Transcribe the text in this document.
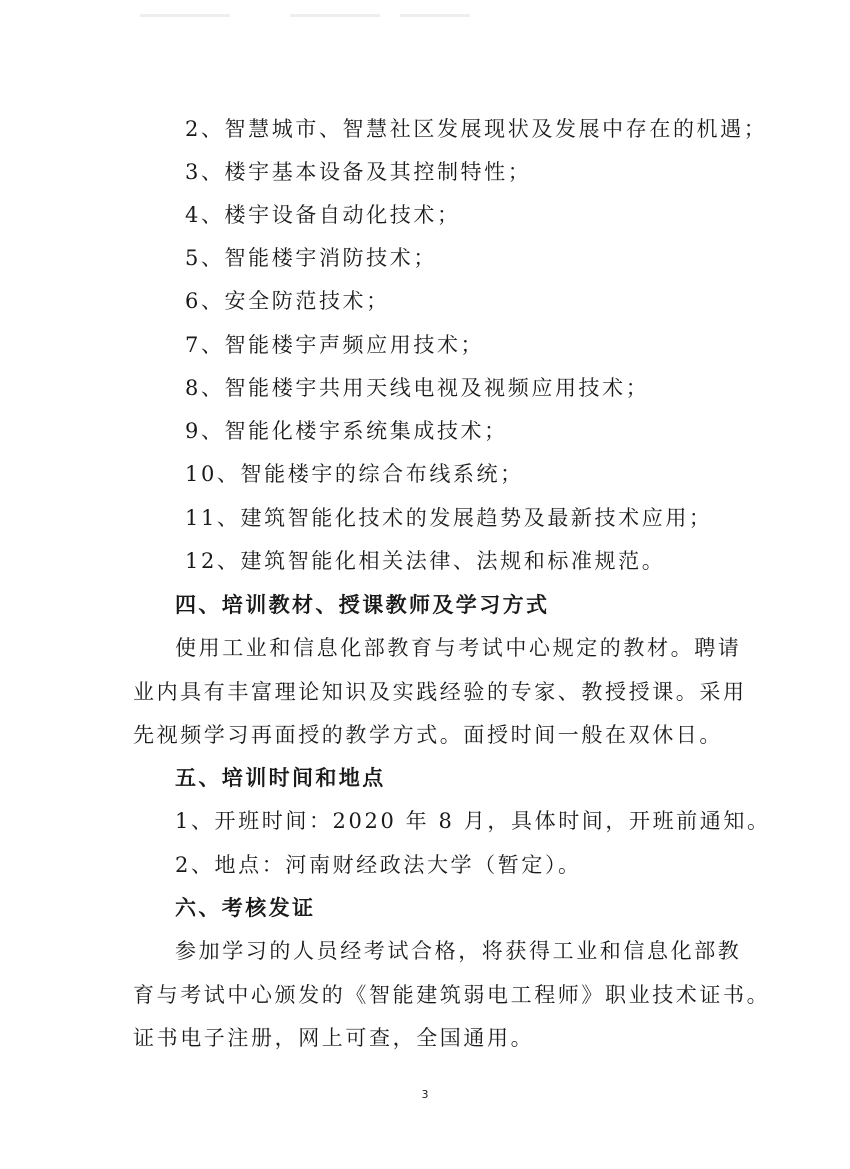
2、智慧城市、智慧社区发展现状及发展中存在的机遇；
3、楼宇基本设备及其控制特性；
4、楼宇设备自动化技术；
5、智能楼宇消防技术；
6、安全防范技术；
7、智能楼宇声频应用技术；
8、智能楼宇共用天线电视及视频应用技术；
9、智能化楼宇系统集成技术；
10、智能楼宇的综合布线系统；
11、建筑智能化技术的发展趋势及最新技术应用；
12、建筑智能化相关法律、法规和标准规范。
四、培训教材、授课教师及学习方式
使用工业和信息化部教育与考试中心规定的教材。聘请
业内具有丰富理论知识及实践经验的专家、教授授课。采用
先视频学习再面授的教学方式。面授时间一般在双休日。
五、培训时间和地点
1、开班时间：2020 年 8 月，具体时间，开班前通知。
2、地点：河南财经政法大学（暂定）。
六、考核发证
参加学习的人员经考试合格，将获得工业和信息化部教
育与考试中心颁发的《智能建筑弱电工程师》职业技术证书。
证书电子注册，网上可查，全国通用。
3
